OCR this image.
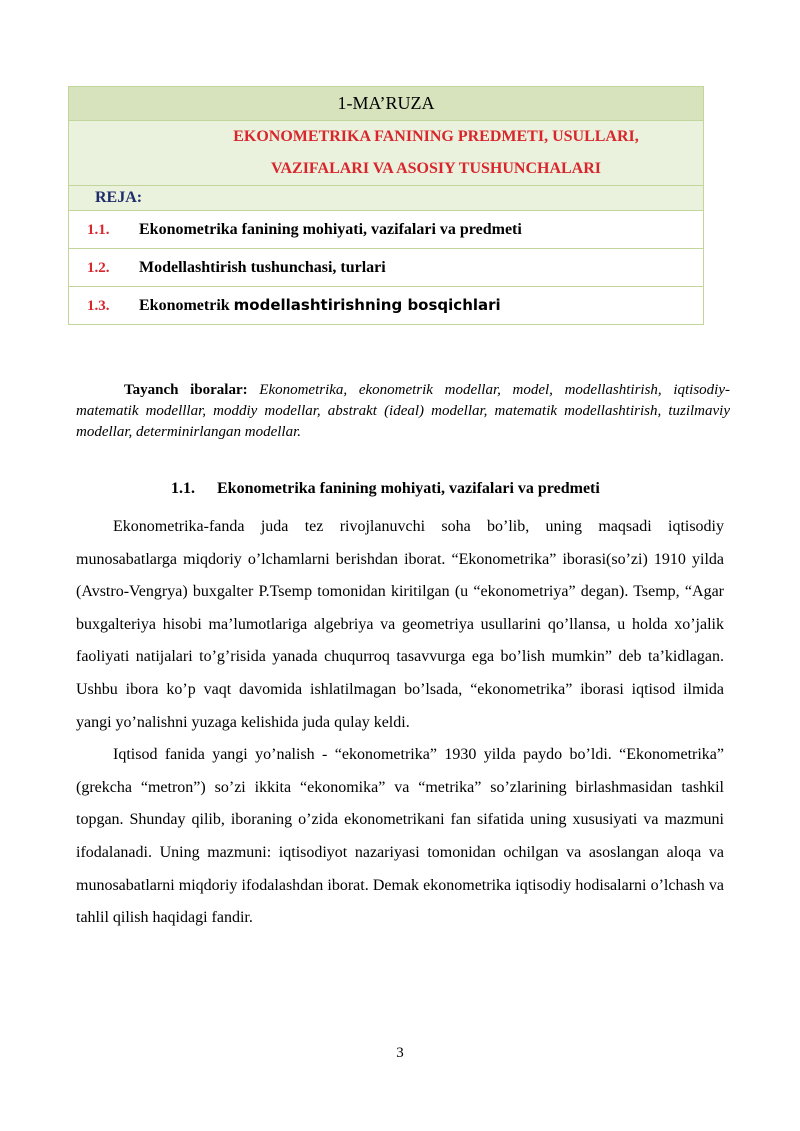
1-MA’RUZA

EKONOMETRIKA FANINING PREDMETI, USULLARI,
VAZIFALARI VA ASOSIY TUSHUNCHALARI

REJA:
1.1. Ekonometrika fanining mohiyati, vazifalari va predmeti
1.2. Modellashtirish tushunchasi, turlari
1.3. Ekonometrik modellashtirishning bosqichlari
Tayanch iboralar: Ekonometrika, ekonometrik modellar, model, modellashtirish, iqtisodiy-matematik modelllar, moddiy modellar, abstrakt (ideal) modellar, matematik modellashtirish, tuzilmaviy modellar, determinirlangan modellar.
1.1. Ekonometrika fanining mohiyati, vazifalari va predmeti

Ekonometrika-fanda juda tez rivojlanuvchi soha bo’lib, uning maqsadi iqtisodiy munosabatlarga miqdoriy o’lchamlarni berishdan iborat. “Ekonometrika” iborasi(so’zi) 1910 yilda (Avstro-Vengrya) buxgalter P.Tsemp tomonidan kiritilgan (u “ekonometriya” degan). Tsemp, “Agar buxgalteriya hisobi ma’lumotlariga algebriya va geometriya usullarini qo’llansa, u holda xo’jalik faoliyati natijalari to’g’risida yanada chuqurroq tasavvurga ega bo’lish mumkin” deb ta’kidlagan. Ushbu ibora ko’p vaqt davomida ishlatilmagan bo’lsada, “ekonometrika” iborasi iqtisod ilmida yangi yo’nalishni yuzaga kelishida juda qulay keldi.

Iqtisod fanida yangi yo’nalish - “ekonometrika” 1930 yilda paydo bo’ldi. “Ekonometrika” (grekcha “metron”) so’zi ikkita “ekonomika” va “metrika” so’zlarining birlashmasidan tashkil topgan. Shunday qilib, iboraning o’zida ekonometrikani fan sifatida uning xususiyati va mazmuni ifodalanadi. Uning mazmuni: iqtisodiyot nazariyasi tomonidan ochilgan va asoslangan aloqa va munosabatlarni miqdoriy ifodalashdan iborat. Demak ekonometrika iqtisodiy hodisalarni o’lchash va tahlil qilish haqidagi fandir.

3
